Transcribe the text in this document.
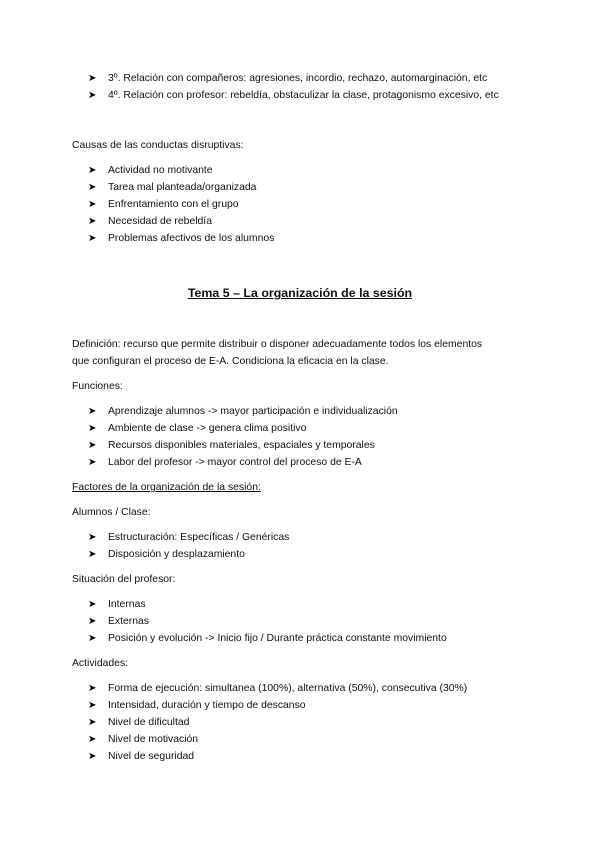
➤ 3º. Relación con compañeros: agresiones, incordio, rechazo, automarginación, etc
➤ 4º. Relación con profesor: rebeldía, obstaculizar la clase, protagonismo excesivo, etc

Causas de las conductas disruptivas:

➤ Actividad no motivante
➤ Tarea mal planteada/organizada
➤ Enfrentamiento con el grupo
➤ Necesidad de rebeldía
➤ Problemas afectivos de los alumnos
Tema 5 – La organización de la sesión

Definición: recurso que permite distribuir o disponer adecuadamente todos los elementos

que configuran el proceso de E-A. Condiciona la eficacia en la clase.

Funciones:

➤ Aprendizaje alumnos -> mayor participación e individualización
➤ Ambiente de clase -> genera clima positivo
➤ Recursos disponibles materiales, espaciales y temporales
➤ Labor del profesor -> mayor control del proceso de E-A

Factores de la organización de la sesión:

Alumnos / Clase:

➤ Estructuración: Específicas / Genéricas
➤ Disposición y desplazamiento

Situación del profesor:

➤ Internas
➤ Externas
➤ Posición y evolución -> Inicio fijo / Durante práctica constante movimiento

Actividades:

➤ Forma de ejecución: simultanea (100%), alternativa (50%), consecutiva (30%)
➤ Intensidad, duración y tiempo de descanso
➤ Nivel de dificultad
➤ Nivel de motivación
➤ Nivel de seguridad
